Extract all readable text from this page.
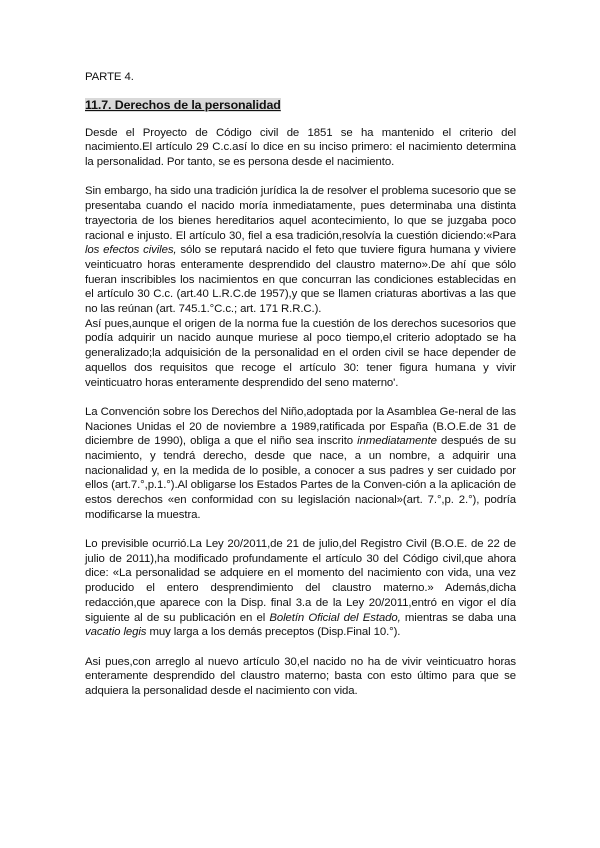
PARTE 4.
11.7. Derechos de la personalidad

Desde el Proyecto de Código civil de 1851 se ha mantenido el criterio del nacimiento.El artículo 29 C.c.así lo dice en su inciso primero: el nacimiento determina la personalidad. Por tanto, se es persona desde el nacimiento.

Sin embargo, ha sido una tradición jurídica la de resolver el problema sucesorio que se presentaba cuando el nacido moría inmediatamente, pues determinaba una distinta trayectoria de los bienes hereditarios aquel acontecimiento, lo que se juzgaba poco racional e injusto. El artículo 30, fiel a esa tradición,resolvía la cuestión diciendo:«Para los efectos civiles, sólo se reputará nacido el feto que tuviere figura humana y viviere veinticuatro horas enteramente desprendido del claustro materno».De ahí que sólo fueran inscribibles los nacimientos en que concurran las condiciones establecidas en el artículo 30 C.c. (art.40 L.R.C.de 1957),y que se llamen criaturas abortivas a las que no las reúnan (art. 745.1.°C.c.; art. 171 R.R.C.).

Así pues,aunque el origen de la norma fue la cuestión de los derechos sucesorios que podía adquirir un nacido aunque muriese al poco tiempo,el criterio adoptado se ha generalizado;la adquisición de la personalidad en el orden civil se hace depender de aquellos dos requisitos que recoge el artículo 30: tener figura humana y vivir veinticuatro horas enteramente desprendido del seno materno'.

La Convención sobre los Derechos del Niño,adoptada por la Asamblea Ge-neral de las Naciones Unidas el 20 de noviembre a 1989,ratificada por España (B.O.E.de 31 de diciembre de 1990), obliga a que el niño sea inscrito inmediatamente después de su nacimiento, y tendrá derecho, desde que nace, a un nombre, a adquirir una nacionalidad y, en la medida de lo posible, a conocer a sus padres y ser cuidado por ellos (art.7.°,p.1.°).Al obligarse los Estados Partes de la Conven-ción a la aplicación de estos derechos «en conformidad con su legislación nacional»(art. 7.°,p. 2.°), podría modificarse la muestra.

Lo previsible ocurrió.La Ley 20/2011,de 21 de julio,del Registro Civil (B.O.E. de 22 de julio de 2011),ha modificado profundamente el artículo 30 del Código civil,que ahora dice: «La personalidad se adquiere en el momento del nacimiento con vida, una vez producido el entero desprendimiento del claustro materno.» Además,dicha redacción,que aparece con la Disp. final 3.a de la Ley 20/2011,entró en vigor el día siguiente al de su publicación en el Boletín Oficial del Estado, mientras se daba una vacatio legis muy larga a los demás preceptos (Disp.Final 10.°).

Asi pues,con arreglo al nuevo artículo 30,el nacido no ha de vivir veinticuatro horas enteramente desprendido del claustro materno; basta con esto último para que se adquiera la personalidad desde el nacimiento con vida.
